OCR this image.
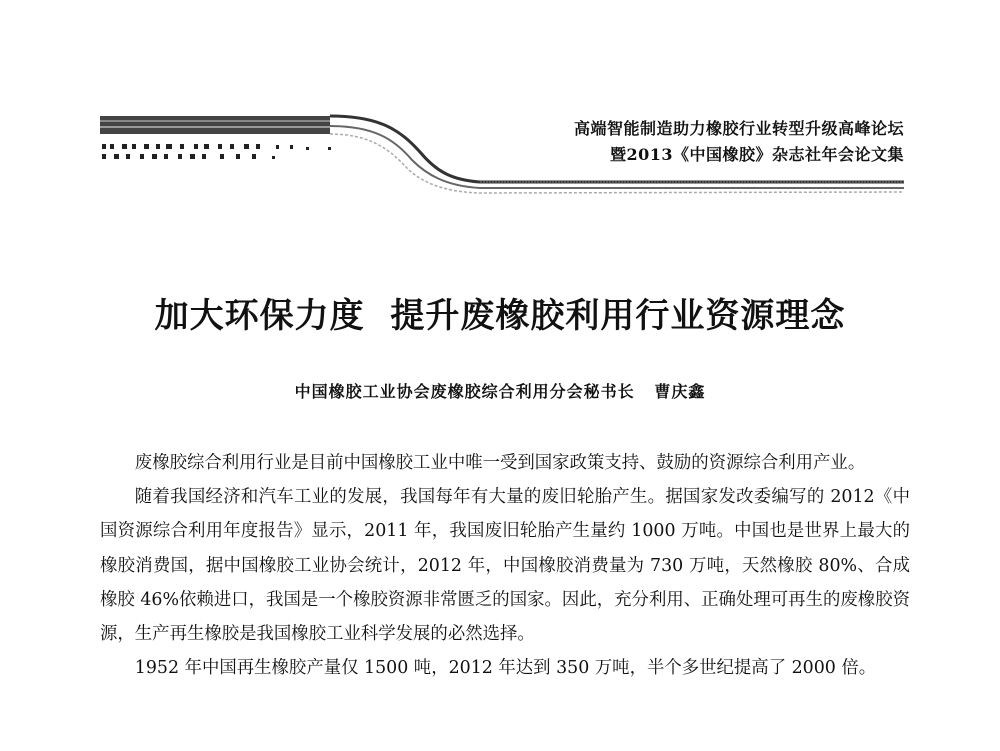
高端智能制造助力橡胶行业转型升级高峰论坛
暨2013《中国橡胶》杂志社年会论文集
加大环保力度  提升废橡胶利用行业资源理念
中国橡胶工业协会废橡胶综合利用分会秘书长   曹庆鑫

废橡胶综合利用行业是目前中国橡胶工业中唯一受到国家政策支持、鼓励的资源综合利用产业。

随着我国经济和汽车工业的发展，我国每年有大量的废旧轮胎产生。据国家发改委编写的 2012《中国资源综合利用年度报告》显示，2011 年，我国废旧轮胎产生量约 1000 万吨。中国也是世界上最大的橡胶消费国，据中国橡胶工业协会统计，2012 年，中国橡胶消费量为 730 万吨，天然橡胶 80%、合成橡胶 46%依赖进口，我国是一个橡胶资源非常匮乏的国家。因此，充分利用、正确处理可再生的废橡胶资源，生产再生橡胶是我国橡胶工业科学发展的必然选择。

1952 年中国再生橡胶产量仅 1500 吨，2012 年达到 350 万吨，半个多世纪提高了 2000 倍。
